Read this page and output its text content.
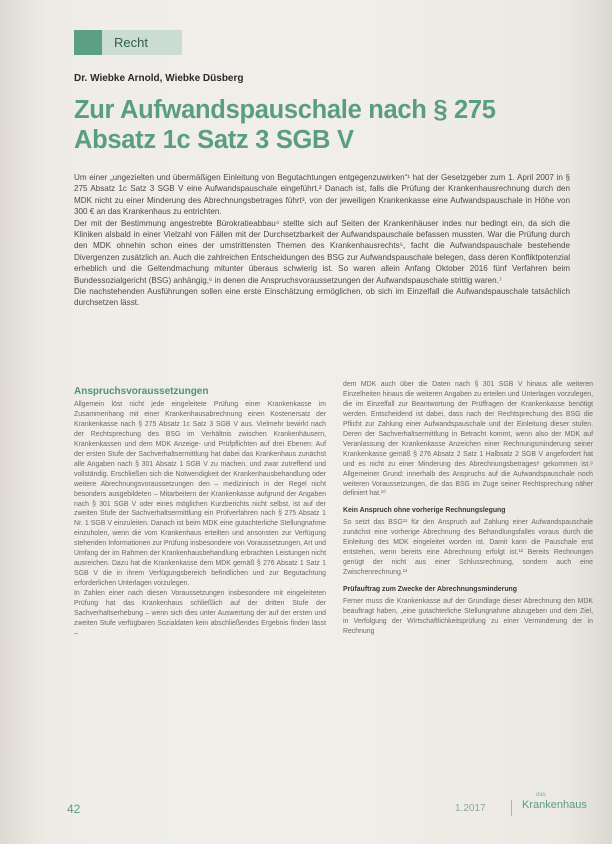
Recht
Dr. Wiebke Arnold, Wiebke Düsberg
Zur Aufwandspauschale nach § 275 Absatz 1c Satz 3 SGB V

Um einer „ungezielten und übermäßigen Einleitung von Begutachtungen entgegenzuwirken“¹ hat der Gesetzgeber zum 1. April 2007 in § 275 Absatz 1c Satz 3 SGB V eine Aufwandspauschale eingeführt.² Danach ist, falls die Prüfung der Krankenhausrechnung durch den MDK nicht zu einer Minderung des Abrechnungsbetrages führt³, von der jeweiligen Krankenkasse eine Aufwandspauschale in Höhe von 300 € an das Krankenhaus zu entrichten.

Der mit der Bestimmung angestrebte Bürokratieabbau⁴ stellte sich auf Seiten der Krankenhäuser indes nur bedingt ein, da sich die Kliniken alsbald in einer Vielzahl von Fällen mit der Durchsetzbarkeit der Aufwandspauschale befassen mussten. War die Prüfung durch den MDK ohnehin schon eines der umstrittensten Themen des Krankenhausrechts⁵, facht die Aufwandspauschale bestehende Divergenzen zusätzlich an. Auch die zahlreichen Entscheidungen des BSG zur Aufwandspauschale belegen, dass deren Konfliktpotenzial erheblich und die Geltendmachung mitunter überaus schwierig ist. So waren allein Anfang Oktober 2016 fünf Verfahren beim Bundessozialgericht (BSG) anhängig,⁶ in denen die Anspruchsvoraussetzungen der Aufwandspauschale strittig waren.⁷

Die nachstehenden Ausführungen sollen eine erste Einschätzung ermöglichen, ob sich im Einzelfall die Aufwandspauschale tatsächlich durchsetzen lässt.

Anspruchsvoraussetzungen

Allgemein löst nicht jede eingeleitete Prüfung einer Krankenkasse im Zusammenhang mit einer Krankenhausabrechnung einen Kostenersatz der Krankenkasse nach § 275 Absatz 1c Satz 3 SGB V aus. Vielmehr bewirkt nach der Rechtsprechung des BSG im Verhältnis zwischen Krankenhäusern, Krankenkassen und dem MDK Anzeige- und Prüfpflichten auf drei Ebenen: Auf der ersten Stufe der Sachverhaltsermittlung hat dabei das Krankenhaus zunächst alle Angaben nach § 301 Absatz 1 SGB V zu machen, und zwar zutreffend und vollständig. Erschließen sich die Notwendigkeit der Krankenhausbehandlung oder weitere Abrechnungsvoraussetzungen den – medizinisch in der Regel nicht besonders ausgebildeten – Mitarbeitern der Krankenkasse aufgrund der Angaben nach § 301 SGB V oder eines möglichen Kurzberichts nicht selbst, ist auf der zweiten Stufe der Sachverhaltsermittlung ein Prüfverfahren nach § 275 Absatz 1 Nr. 1 SGB V einzuleiten. Danach ist beim MDK eine gutachterliche Stellungnahme einzuholen, wenn die vom Krankenhaus erteilten und ansonsten zur Verfügung stehenden Informationen zur Prüfung insbesondere von Voraussetzungen, Art und Umfang der im Rahmen der Krankenhausbehandlung erbrachten Leistungen nicht ausreichen. Dazu hat die Krankenkasse dem MDK gemäß § 276 Absatz 1 Satz 1 SGB V die in ihrem Verfügungsbereich befindlichen und zur Begutachtung erforderlichen Unterlagen vorzulegen.

In Zahlen einer nach diesen Voraussetzungen insbesondere mit eingeleiteten Prüfung hat das Krankenhaus schließlich auf der dritten Stufe der Sachverhaltserhebung – wenn sich dies unter Auswertung der auf der ersten und zweiten Stufe verfügbaren Sozialdaten kein abschließendes Ergebnis finden lässt –

dem MDK auch über die Daten nach § 301 SGB V hinaus alle weiteren Einzelheiten hinaus die weiteren Angaben zu erteilen und Unterlagen vorzulegen, die im Einzelfall zur Beantwortung der Prüffragen der Krankenkasse benötigt werden. Entscheidend ist dabei, dass nach der Rechtsprechung des BSG die Pflicht zur Zahlung einer Aufwandspauschale und der Einleitung dieser stufen. Deren der Sachverhaltsermittlung in Betracht kommt, wenn also der MDK auf Veranlassung der Krankenkasse Anzeichen einer Rechnungsminderung seiner Krankenkasse gemäß § 276 Absatz 2 Satz 1 Halbsatz 2 SGB V angefordert hat und es nicht zu einer Minderung des Abrechnungsbetrages⁸ gekommen ist.⁹ Allgemeiner Grund: innerhalb des Anspruchs auf die Aufwandspauschale noch weiteren Voraussetzungen, die das BSG im Zuge seiner Rechtsprechung näher definiert hat.¹⁰

Kein Anspruch ohne vorherige Rechnungslegung

So setzt das BSG¹¹ für den Anspruch auf Zahlung einer Aufwandspauschale zunächst eine vorherige Abrechnung des Behandlungsfalles voraus durch die Einleitung des MDK eingeleitet worden ist. Damit kann die Pauschale erst entstehen, wenn bereits eine Abrechnung erfolgt ist.¹² Bereits Rechnungen genügt der nicht aus einer Schlussrechnung, sondern auch eine Zwischenrechnung.¹³

Prüfauftrag zum Zwecke der Abrechnungsminderung

Ferner muss die Krankenkasse auf der Grundlage dieser Abrechnung den MDK beauftragt haben, „eine gutachterliche Stellungnahme abzugeben und dem Ziel, in Verfolgung der Wirtschaftlichkeitsprüfung zu einer Verminderung der in Rechnung

42	1.2017
das
Krankenhaus
